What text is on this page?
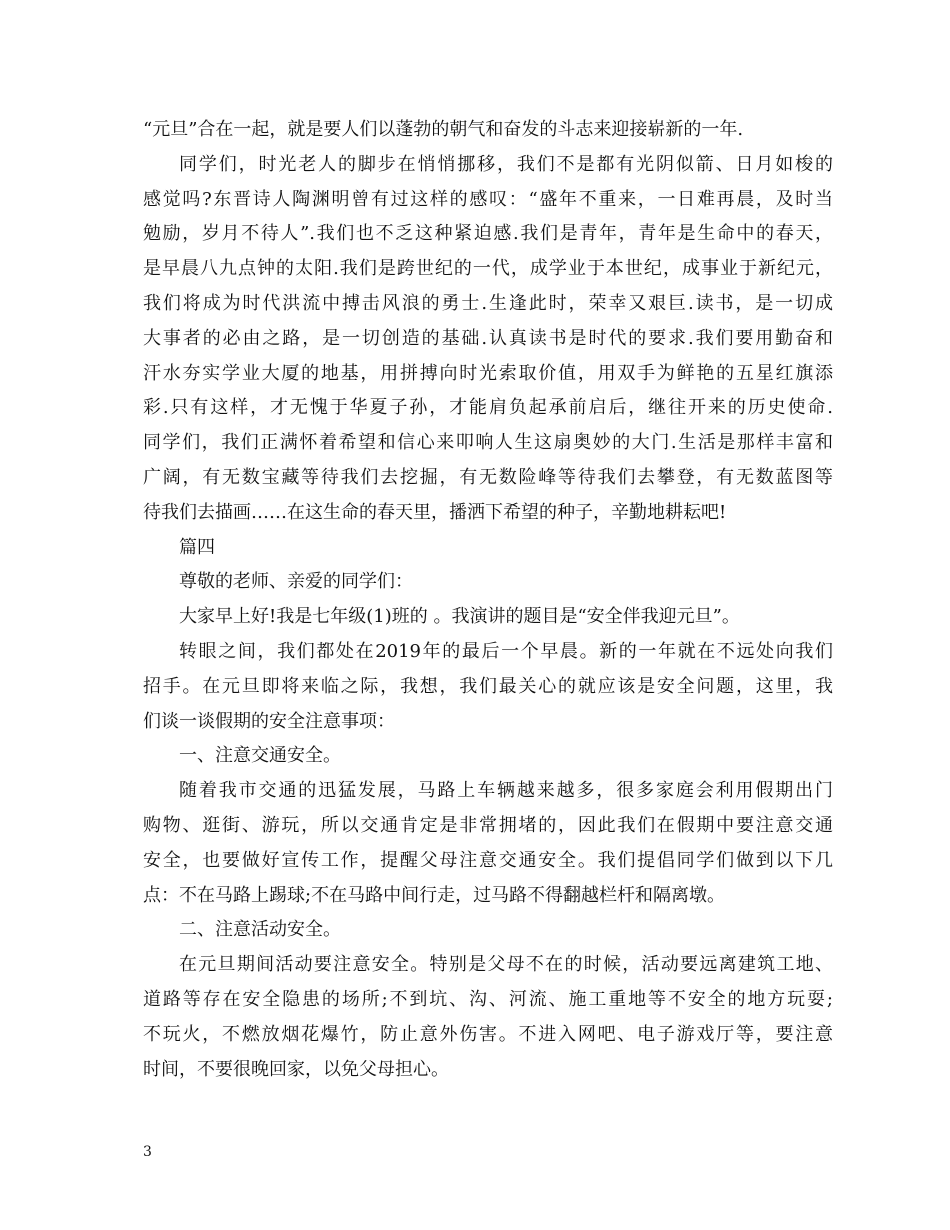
“元旦”合在一起，就是要人们以蓬勃的朝气和奋发的斗志来迎接崭新的一年.
同学们，时光老人的脚步在悄悄挪移，我们不是都有光阴似箭、日月如梭的
感觉吗?东晋诗人陶渊明曾有过这样的感叹：“盛年不重来，一日难再晨，及时当
勉励，岁月不待人”.我们也不乏这种紧迫感.我们是青年，青年是生命中的春天，
是早晨八九点钟的太阳.我们是跨世纪的一代，成学业于本世纪，成事业于新纪元，
我们将成为时代洪流中搏击风浪的勇士.生逢此时，荣幸又艰巨.读书，是一切成
大事者的必由之路，是一切创造的基础.认真读书是时代的要求.我们要用勤奋和
汗水夯实学业大厦的地基，用拼搏向时光索取价值，用双手为鲜艳的五星红旗添
彩.只有这样，才无愧于华夏子孙，才能肩负起承前启后，继往开来的历史使命.
同学们，我们正满怀着希望和信心来叩响人生这扇奥妙的大门.生活是那样丰富和
广阔，有无数宝藏等待我们去挖掘，有无数险峰等待我们去攀登，有无数蓝图等
待我们去描画……在这生命的春天里，播洒下希望的种子，辛勤地耕耘吧!
篇四
尊敬的老师、亲爱的同学们：
大家早上好!我是七年级(1)班的 。我演讲的题目是“安全伴我迎元旦”。
转眼之间，我们都处在2019年的最后一个早晨。新的一年就在不远处向我们
招手。在元旦即将来临之际，我想，我们最关心的就应该是安全问题，这里，我
们谈一谈假期的安全注意事项：
一、注意交通安全。
随着我市交通的迅猛发展，马路上车辆越来越多，很多家庭会利用假期出门
购物、逛街、游玩，所以交通肯定是非常拥堵的，因此我们在假期中要注意交通
安全，也要做好宣传工作，提醒父母注意交通安全。我们提倡同学们做到以下几
点：不在马路上踢球;不在马路中间行走，过马路不得翻越栏杆和隔离墩。
二、注意活动安全。
在元旦期间活动要注意安全。特别是父母不在的时候，活动要远离建筑工地、
道路等存在安全隐患的场所;不到坑、沟、河流、施工重地等不安全的地方玩耍;
不玩火，不燃放烟花爆竹，防止意外伤害。不进入网吧、电子游戏厅等，要注意
时间，不要很晚回家，以免父母担心。
3
